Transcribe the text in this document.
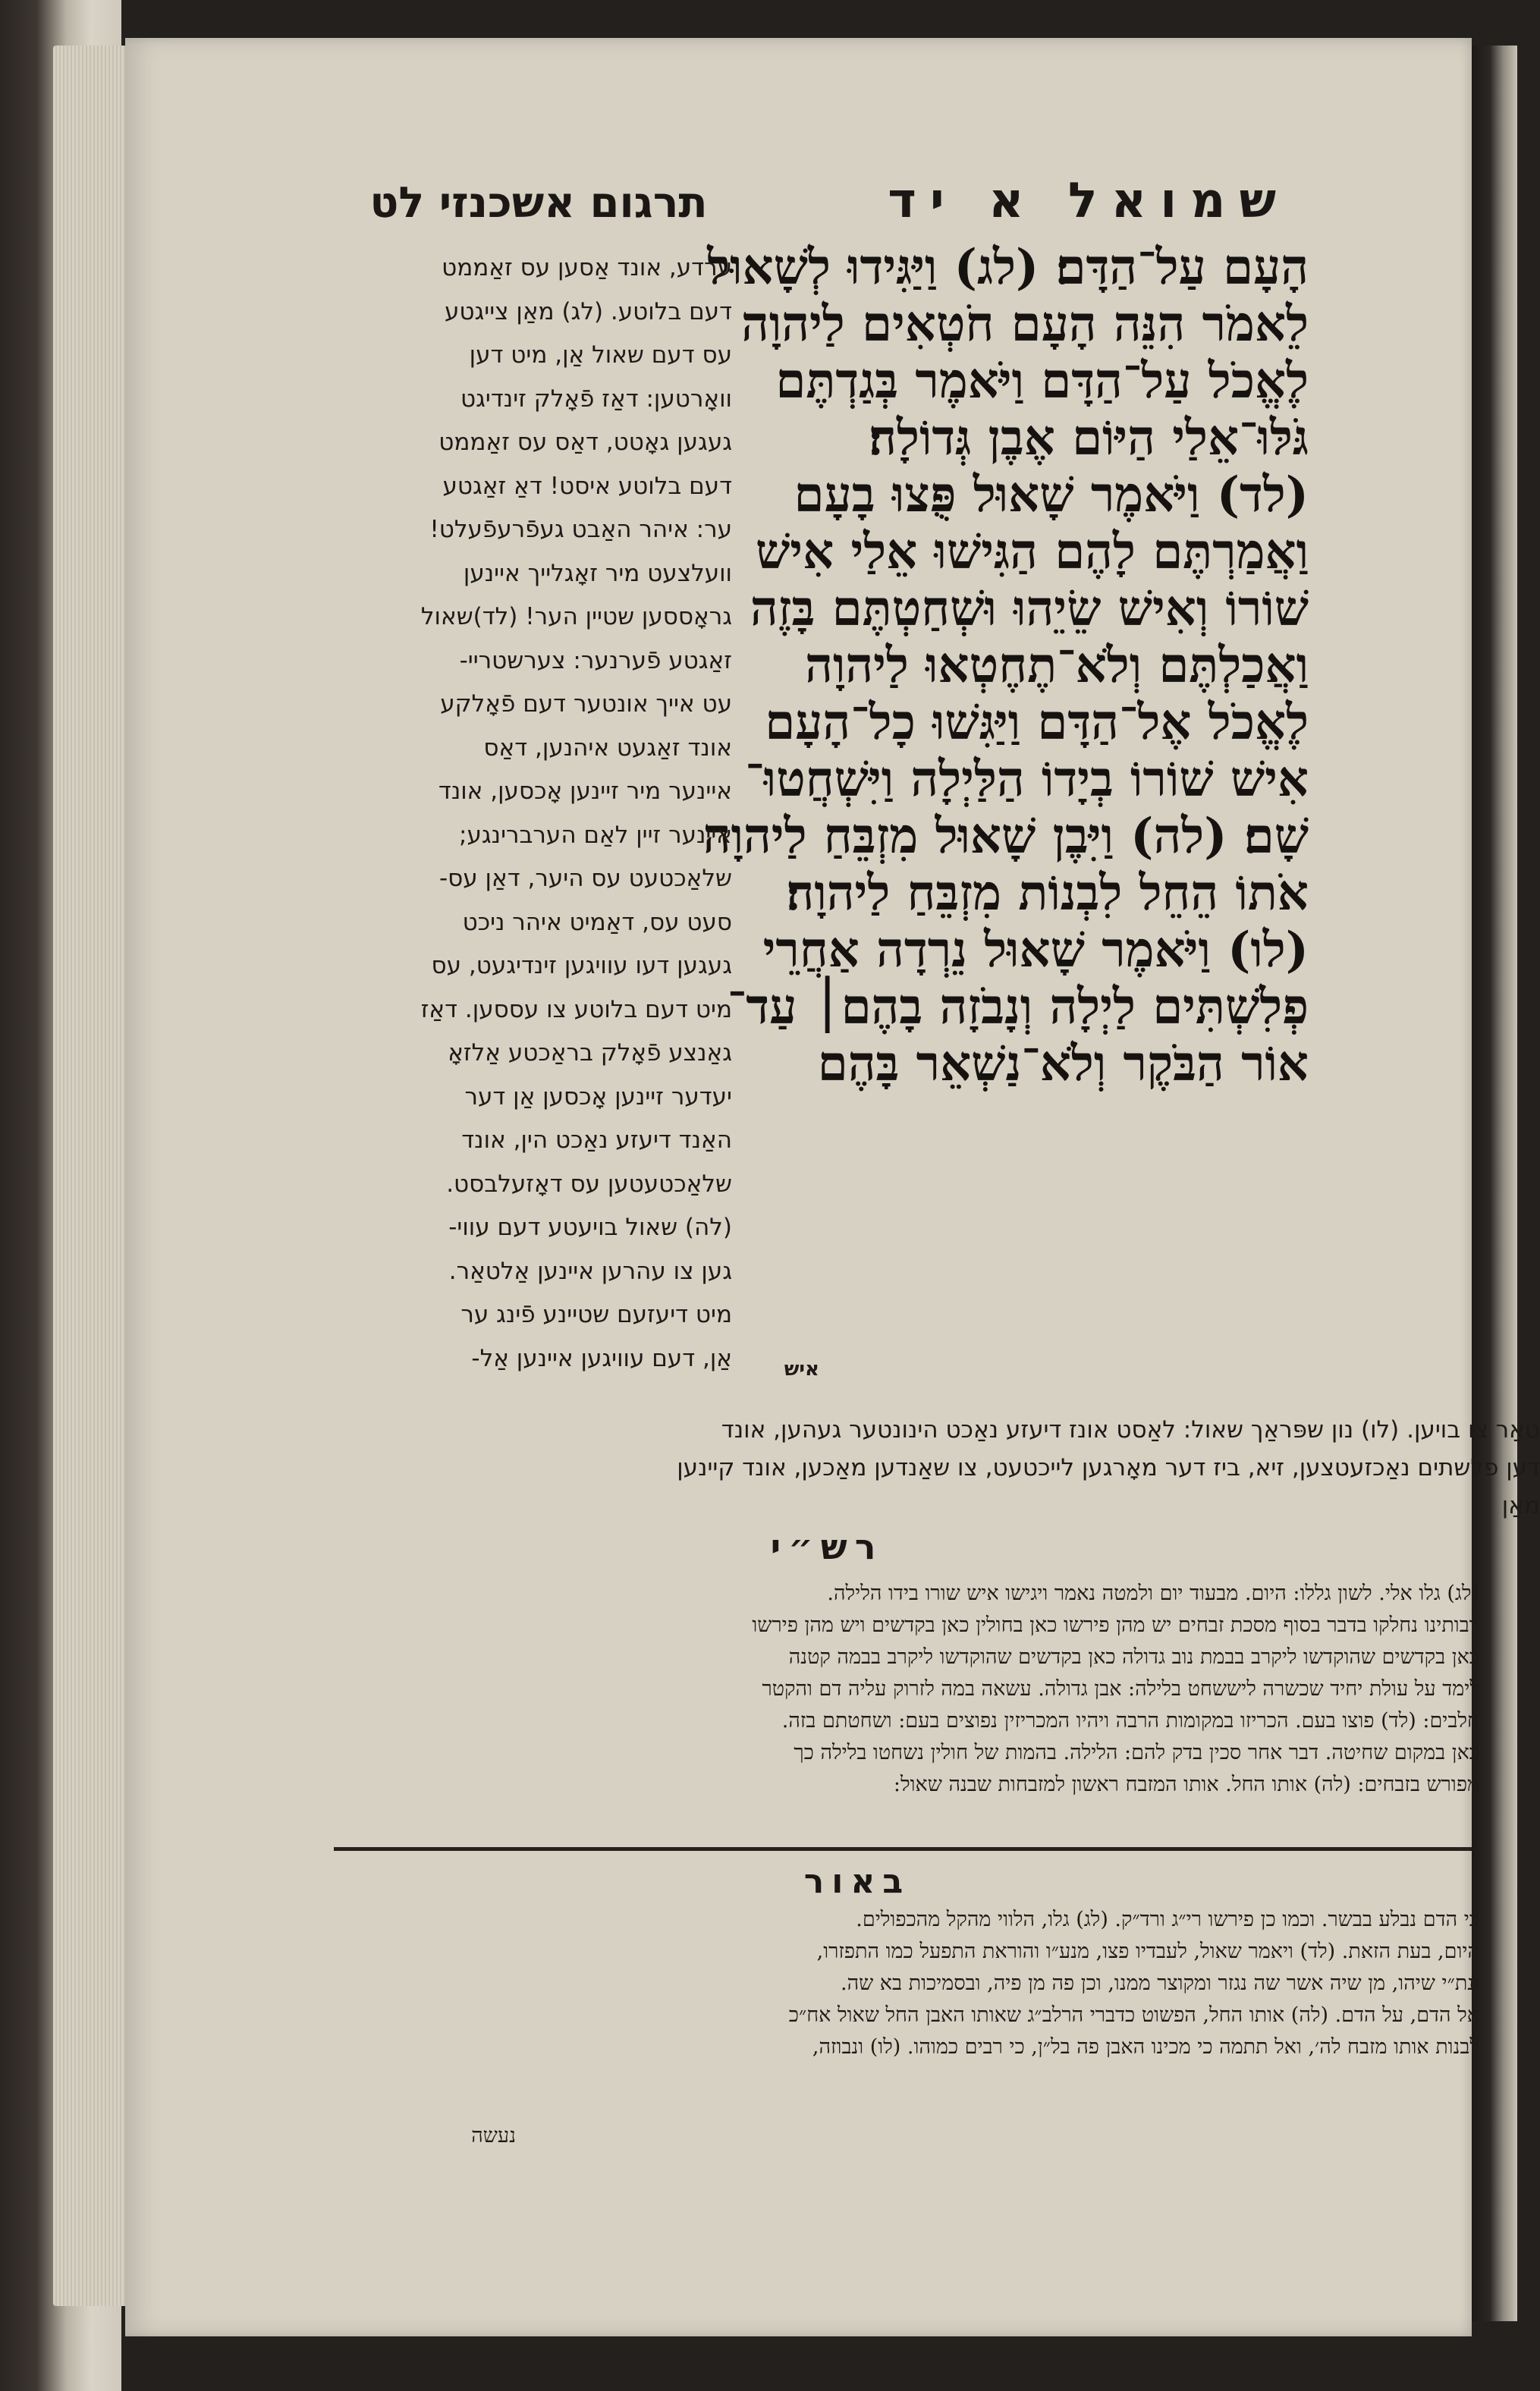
תרגום אשכנזי לט	שמואל א יד
הָעָם עַל־הַדָּם׃ (לג) וַיַּגִּידוּ לְשָׁאוּל
לֵאמֹר הִנֵּה הָעָם חֹטְאִים לַיהוָה
לֶאֱכֹל עַל־הַדָּם וַיֹּאמֶר בְּגַדְתֶּם
גֹּלּוּ־אֵלַי הַיּוֹם אֶבֶן גְּדוֹלָה׃
(לד) וַיֹּאמֶר שָׁאוּל פֻּצוּ בָעָם
וַאֲמַרְתֶּם לָהֶם הַגִּישׁוּ אֵלַי אִישׁ
שׁוֹרוֹ וְאִישׁ שֵׂיֵהוּ וּשְׁחַטְתֶּם בָּזֶה
וַאֲכַלְתֶּם וְלֹא־תֶחֶטְאוּ לַיהוָה
לֶאֱכֹל אֶל־הַדָּם וַיַּגִּשׁוּ כָל־הָעָם
אִישׁ שׁוֹרוֹ בְיָדוֹ הַלַּיְלָה וַיִּשְׁחֲטוּ־
שָׁם׃ (לה) וַיִּבֶן שָׁאוּל מִזְבֵּחַ לַיהוָה
אֹתוֹ הֵחֵל לִבְנוֹת מִזְבֵּחַ לַיהוָה׃
(לו) וַיֹּאמֶר שָׁאוּל נֵרְדָה אַחֲרֵי
פְלִשְׁתִּים לַיְלָה וְנָבֹזָה בָהֶם׀ עַד־
אוֹר הַבֹּקֶר וְלֹא־נַשְׁאֵר בָּהֶם
איש
ערדע, אונד אַסען עס זאַממט
דעם בלוטע. (לג) מאַן צייגטע
עס דעם שאול אַן, מיט דען
וואָרטען: דאַז פֿאָלק זינדיגט
געגען גאָטט, דאַס עס זאַממט
דעם בלוטע איסט! דאַ זאַגטע
ער: איהר האַבט געפֿרעפֿעלט!
וועלצעט מיר זאָגלייך איינען
גראָססען שטיין הער! (לד)שאול
זאַגטע פֿערנער: צערשטריי-
עט אייך אונטער דעם פֿאָלקע
אונד זאַגעט איהנען, דאַס
איינער מיר זיינען אָכסען, אונד
איינער זיין לאַם הערברינגע;
שלאַכטעט עס היער, דאַן עס-
סעט עס, דאַמיט איהר ניכט
געגען דעו עוויגען זינדיגעט, עס
מיט דעם בלוטע צו עססען. דאַז
גאַנצע פֿאָלק בראַכטע אַלזאָ
יעדער זיינען אָכסען אַן דער
האַנד דיעזע נאַכט הין, אונד
שלאַכטעטען עס דאָזעלבסט.
(לה) שאול בויעטע דעם עווי-
גען צו עהרען איינען אַלטאַר.
מיט דיעזעם שטיינע פֿינג ער
אַן, דעם עוויגען איינען אַל-
טאַר צו בויען. (לו) נון שפּראַך שאול: לאַסט אונז דיעזע נאַכט הינונטער געהען, אונד
דען פלשתים נאַכזעטצען, זיא, ביז דער מאָרגען לייכטעט, צו שאַנדען מאַכען, אונד קיינען
מאַן
רש״י
(לג) גלו אלי. לשון גללו: היום. מבעוד יום ולמטה נאמר ויגישו איש שורו בידו הלילה.
רבותינו נחלקו בדבר בסוף מסכת זבחים יש מהן פירשו כאן בחולין כאן בקדשים ויש מהן פירשו
כאן בקדשים שהוקדשו ליקרב בבמת נוב גדולה כאן בקדשים שהוקדשו ליקרב בבמה קטנה
לימד על עולת יחיד שכשרה ליששחט בלילה: אבן גדולה. עשאה במה לזרוק עליה דם והקטר
חלבים: (לד) פוצו בעם. הכריזו במקומות הרבה ויהיו המכריזין נפוצים בעם: ושחטתם בזה.
כאן במקום שחיטה. דבר אחר סכין בדק להם: הלילה. בהמות של חולין נשחטו בלילה כך
מפורש בזבחים: (לה) אותו החל. אותו המזבח ראשון למזבחות שבנה שאול:
באור
כי הדם נבלע בבשר. וכמו כן פירשו רי״ג ורד״ק. (לג) גלו, הלווי מהקל מהכפולים.
היום, בעת הזאת. (לד) ויאמר שאול, לעבדיו פצו, מנע״ו והוראת התפעל כמו התפזרו,
ונת״י שיהו, מן שיה אשר שה נגזר ומקוצר ממנו, וכן פה מן פיה, ובסמיכות בא שה.
אל הדם, על הדם. (לה) אותו החל, הפשוט כדברי הרלב״ג שאותו האבן החל שאול אח״כ
לבנות אותו מזבח לה׳, ואל תתמה כי מכינו האבן פה בל״ן, כי רבים כמוהו. (לו) ונבוזה,
נעשה
